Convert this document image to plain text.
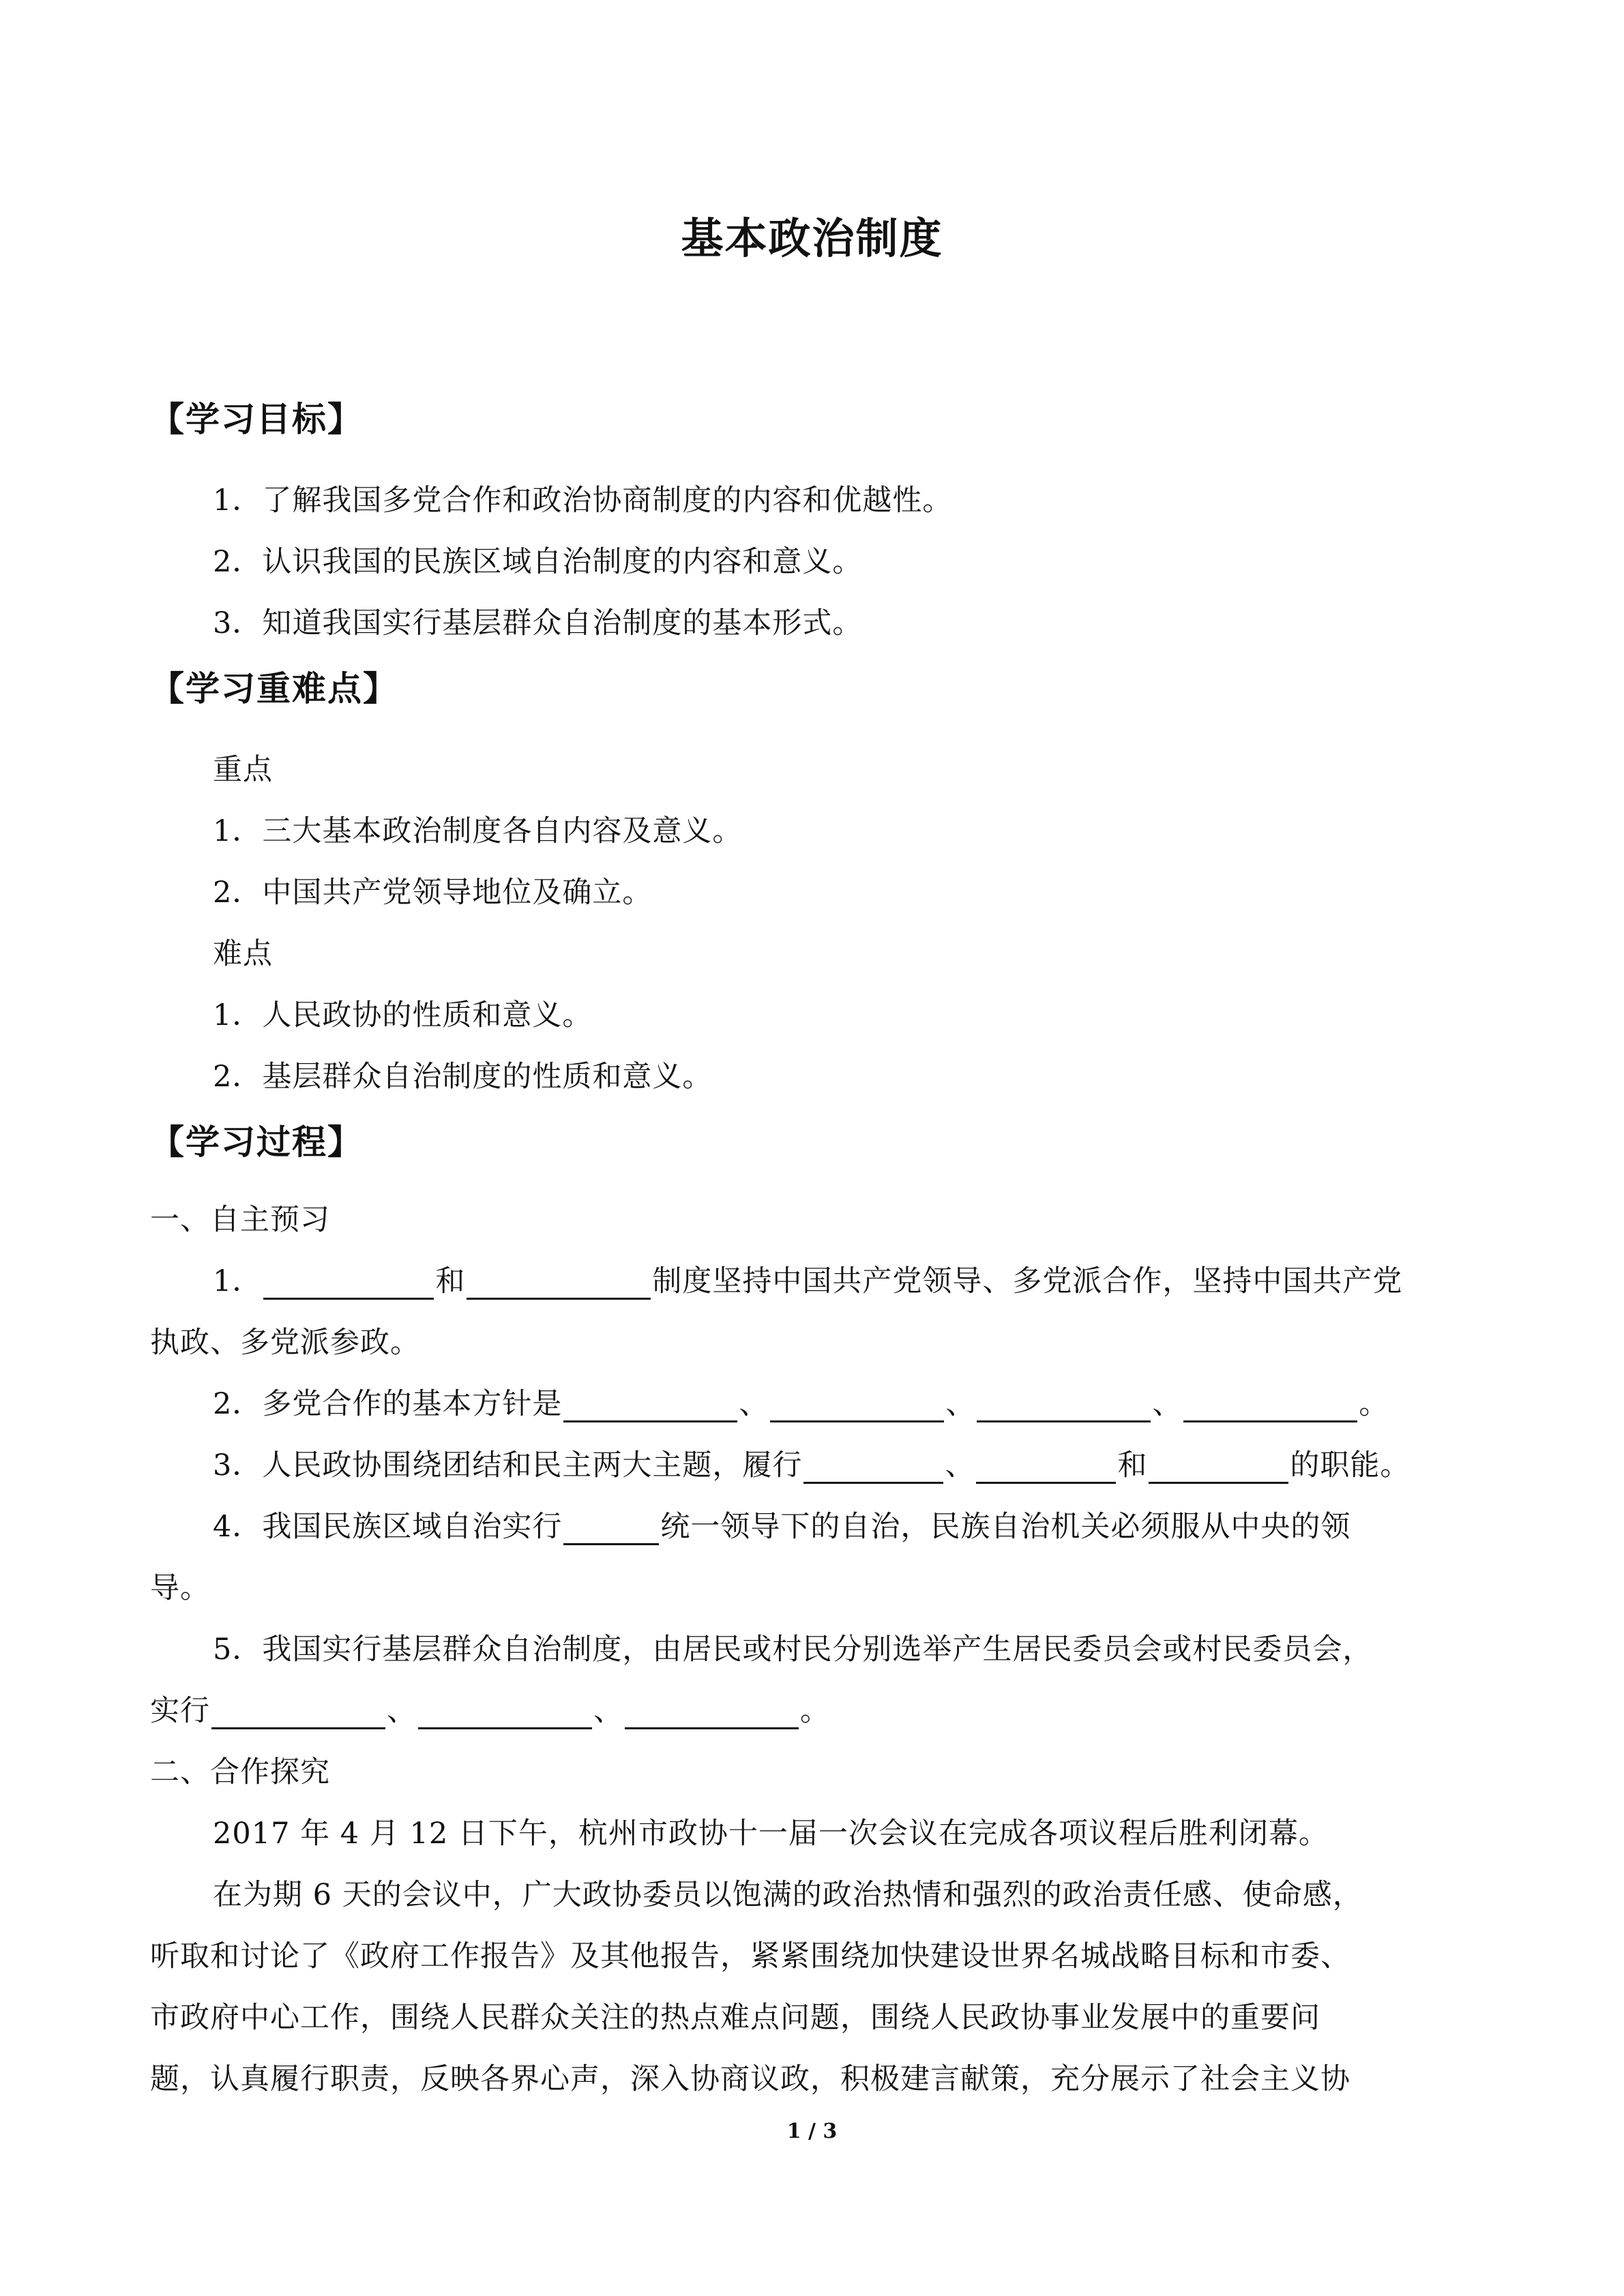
基本政治制度
【学习目标】
1．了解我国多党合作和政治协商制度的内容和优越性。
2．认识我国的民族区域自治制度的内容和意义。
3．知道我国实行基层群众自治制度的基本形式。
【学习重难点】
重点
1．三大基本政治制度各自内容及意义。
2．中国共产党领导地位及确立。
难点
1．人民政协的性质和意义。
2．基层群众自治制度的性质和意义。
【学习过程】
一、自主预习
1．	和	制度坚持中国共产党领导、多党派合作，坚持中国共产党
执政、多党派参政。
2．多党合作的基本方针是	、	、	、	。
3．人民政协围绕团结和民主两大主题，履行	、	和	的职能。
4．我国民族区域自治实行	统一领导下的自治，民族自治机关必须服从中央的领
导。
5．我国实行基层群众自治制度，由居民或村民分别选举产生居民委员会或村民委员会，
实行	、	、	。
二、合作探究
2017 年 4 月 12 日下午，杭州市政协十一届一次会议在完成各项议程后胜利闭幕。
在为期 6 天的会议中，广大政协委员以饱满的政治热情和强烈的政治责任感、使命感，
听取和讨论了《政府工作报告》及其他报告，紧紧围绕加快建设世界名城战略目标和市委、
市政府中心工作，围绕人民群众关注的热点难点问题，围绕人民政协事业发展中的重要问
题，认真履行职责，反映各界心声，深入协商议政，积极建言献策，充分展示了社会主义协
1 / 3
